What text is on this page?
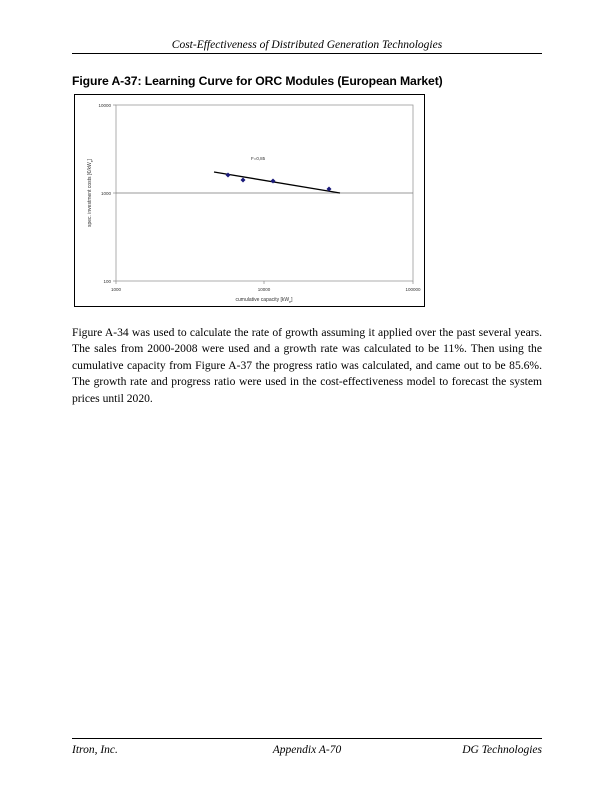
Cost-Effectiveness of Distributed Generation Technologies
Figure A-37: Learning Curve for ORC Modules (European Market)
10000
1000
100
1000	10000	100000
cumulative capacity $[kW_e]$
spec. investment costs $[€/kW_e]$	F=0,85
Figure A-34 was used to calculate the rate of growth assuming it applied over the past several years. The sales from 2000-2008 were used and a growth rate was calculated to be 11%. Then using the cumulative capacity from Figure A-37 the progress ratio was calculated, and came out to be 85.6%. The growth rate and progress ratio were used in the cost-effectiveness model to forecast the system prices until 2020.
Itron, Inc.	Appendix A-70	DG Technologies
